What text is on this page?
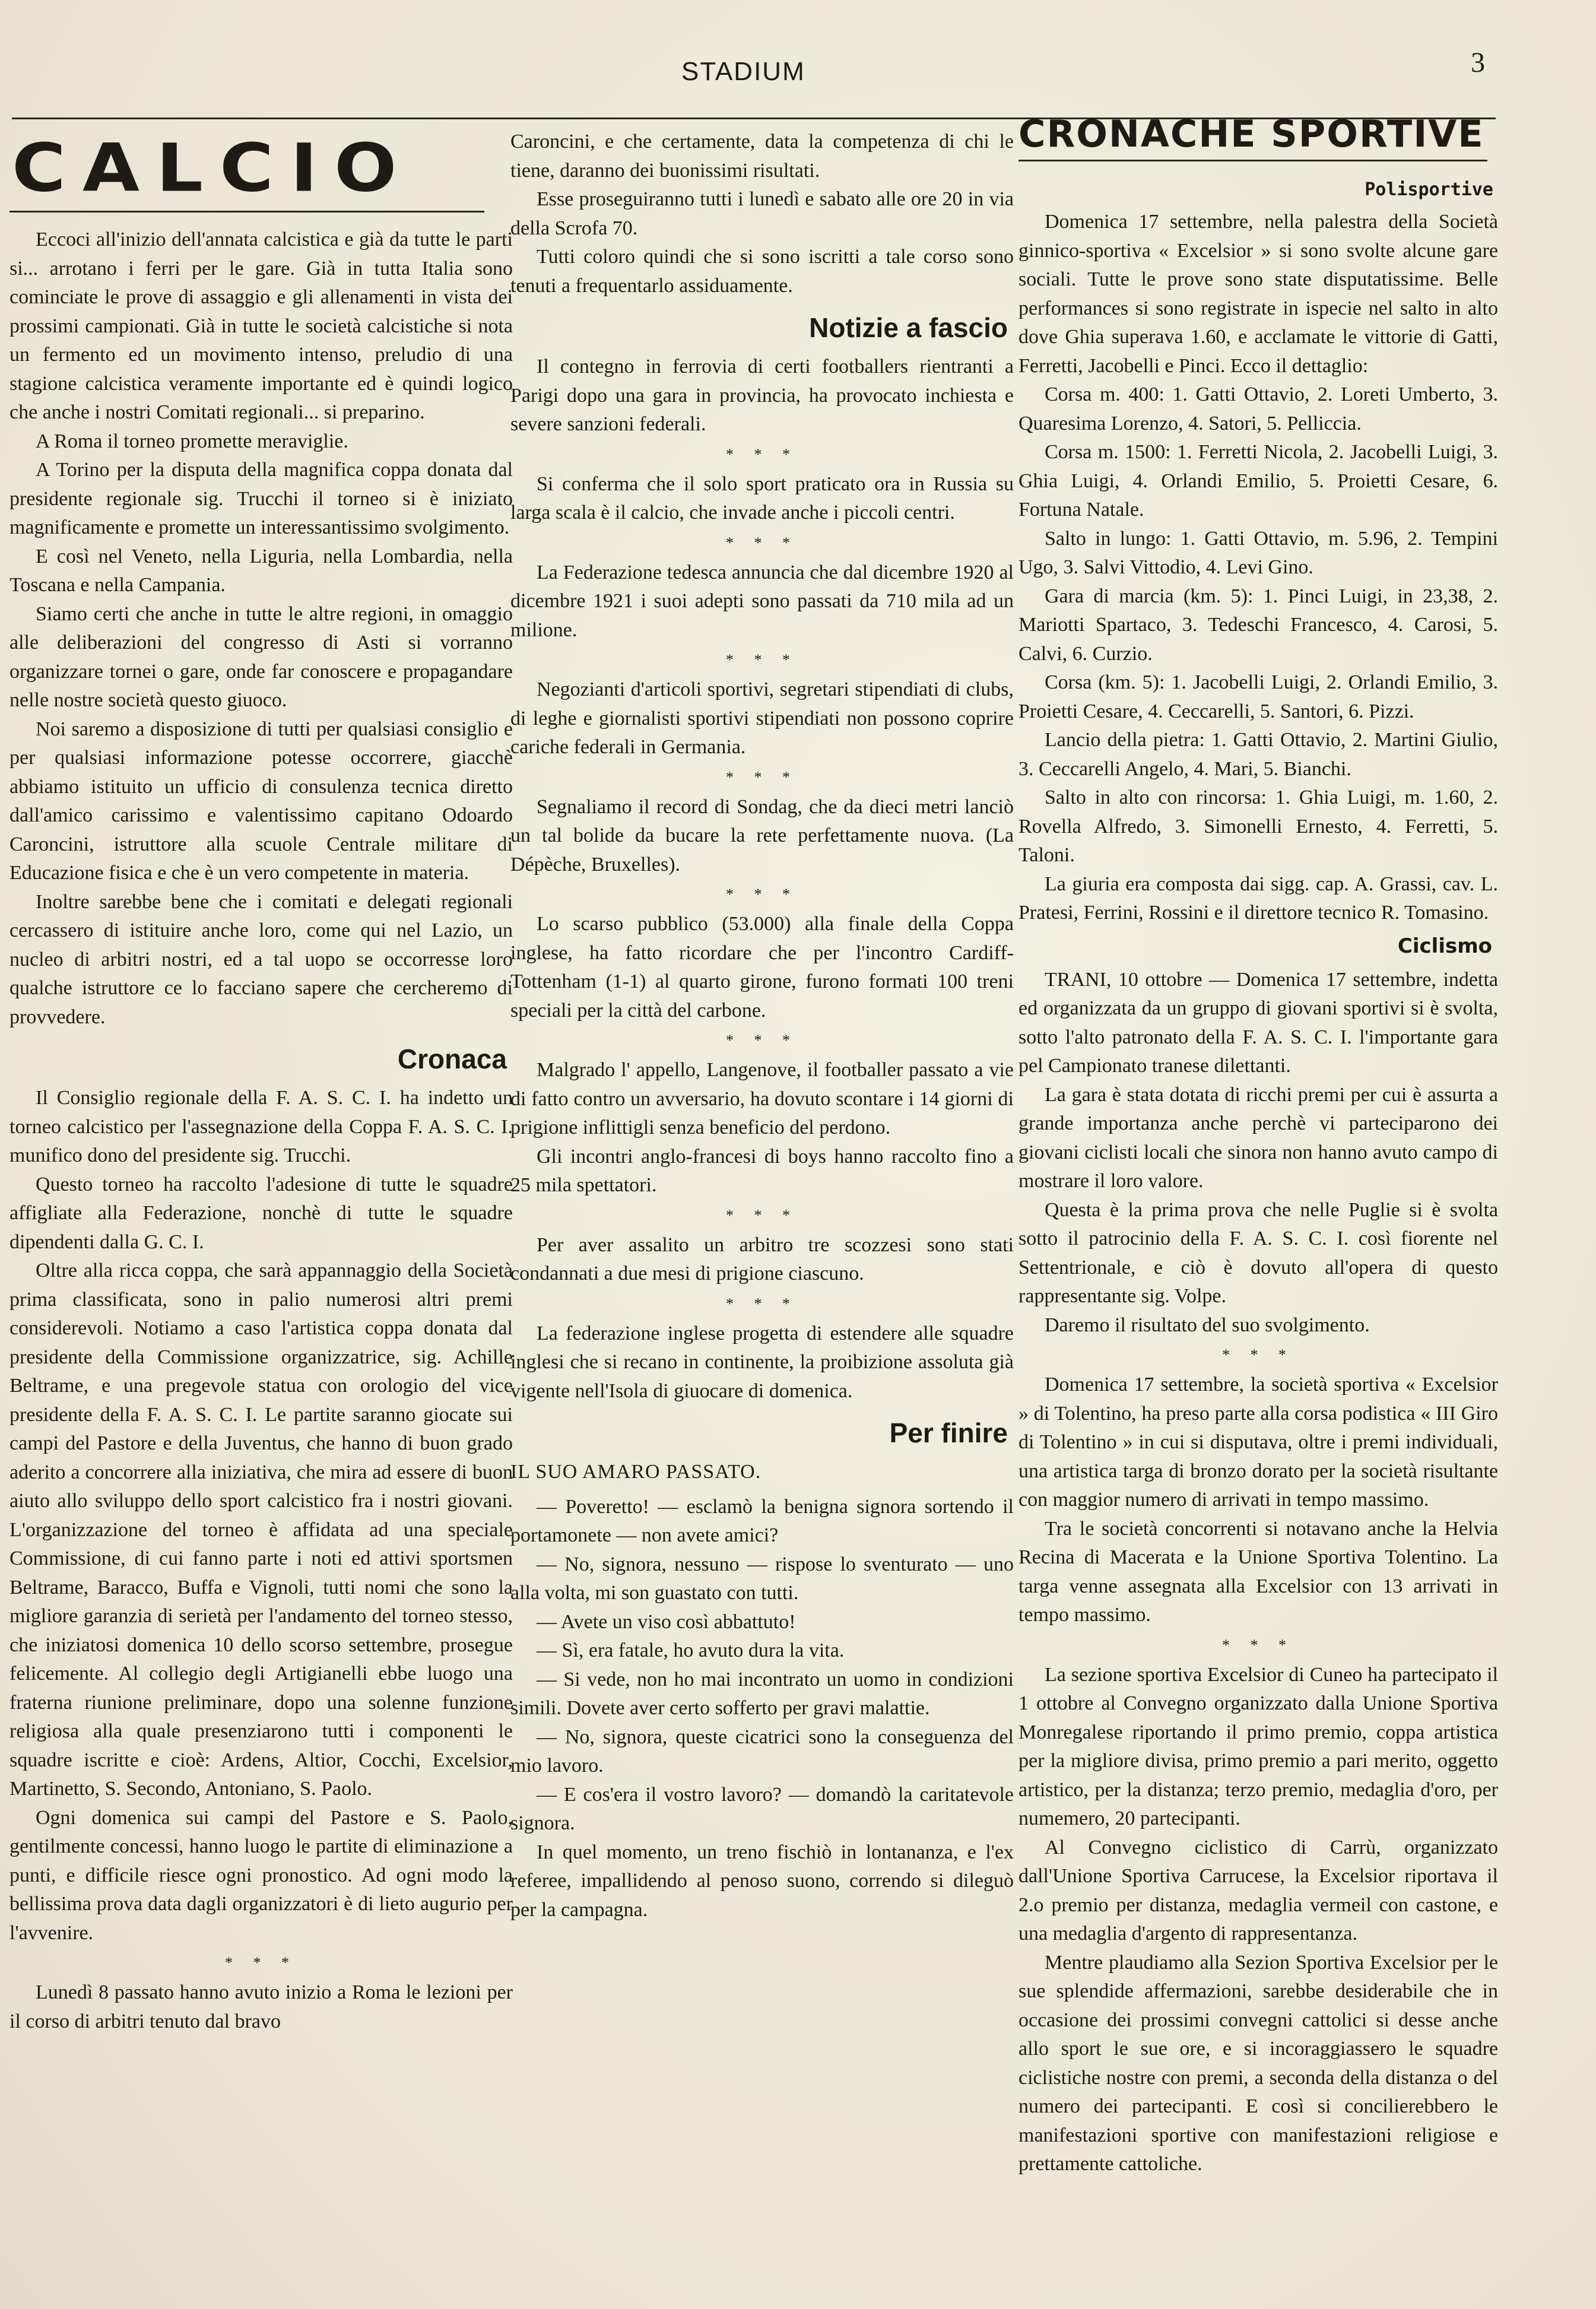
STADIUM	3
CALCIO

Eccoci all'inizio dell'annata calcistica e già da tutte le parti si... arrotano i ferri per le gare. Già in tutta Italia sono cominciate le prove di assaggio e gli allenamenti in vista dei prossimi campionati. Già in tutte le società calcistiche si nota un fermento ed un movimento intenso, preludio di una stagione calcistica veramente importante ed è quindi logico che anche i nostri Comitati regionali... si preparino.

A Roma il torneo promette meraviglie.

A Torino per la disputa della magnifica coppa donata dal presidente regionale sig. Trucchi il torneo si è iniziato magnificamente e promette un interessantissimo svolgimento.

E così nel Veneto, nella Liguria, nella Lombardia, nella Toscana e nella Campania.

Siamo certi che anche in tutte le altre regioni, in omaggio alle deliberazioni del congresso di Asti si vorranno organizzare tornei o gare, onde far conoscere e propagandare nelle nostre società questo giuoco.

Noi saremo a disposizione di tutti per qualsiasi consiglio e per qualsiasi informazione potesse occorrere, giacchè abbiamo istituito un ufficio di consulenza tecnica diretto dall'amico carissimo e valentissimo capitano Odoardo Caroncini, istruttore alla scuole Centrale militare di Educazione fisica e che è un vero competente in materia.

Inoltre sarebbe bene che i comitati e delegati regionali cercassero di istituire anche loro, come qui nel Lazio, un nucleo di arbitri nostri, ed a tal uopo se occorresse loro qualche istruttore ce lo facciano sapere che cercheremo di provvedere.

Cronaca

Il Consiglio regionale della F. A. S. C. I. ha indetto un torneo calcistico per l'assegnazione della Coppa F. A. S. C. I. munifico dono del presidente sig. Trucchi.

Questo torneo ha raccolto l'adesione di tutte le squadre affigliate alla Federazione, nonchè di tutte le squadre dipendenti dalla G. C. I.

Oltre alla ricca coppa, che sarà appannaggio della Società prima classificata, sono in palio numerosi altri premi considerevoli. Notiamo a caso l'artistica coppa donata dal presidente della Commissione organizzatrice, sig. Achille Beltrame, e una pregevole statua con orologio del vice presidente della F. A. S. C. I. Le partite saranno giocate sui campi del Pastore e della Juventus, che hanno di buon grado aderito a concorrere alla iniziativa, che mira ad essere di buon aiuto allo sviluppo dello sport calcistico fra i nostri giovani. L'organizzazione del torneo è affidata ad una speciale Commissione, di cui fanno parte i noti ed attivi sportsmen Beltrame, Baracco, Buffa e Vignoli, tutti nomi che sono la migliore garanzia di serietà per l'andamento del torneo stesso, che iniziatosi domenica 10 dello scorso settembre, prosegue felicemente. Al collegio degli Artigianelli ebbe luogo una fraterna riunione preliminare, dopo una solenne funzione religiosa alla quale presenziarono tutti i componenti le squadre iscritte e cioè: Ardens, Altior, Cocchi, Excelsior, Martinetto, S. Secondo, Antoniano, S. Paolo.

Ogni domenica sui campi del Pastore e S. Paolo, gentilmente concessi, hanno luogo le partite di eliminazione a punti, e difficile riesce ogni pronostico. Ad ogni modo la bellissima prova data dagli organizzatori è di lieto augurio per l'avvenire.

* * *

Lunedì 8 passato hanno avuto inizio a Roma le lezioni per il corso di arbitri tenuto dal bravo

Caroncini, e che certamente, data la competenza di chi le tiene, daranno dei buonissimi risultati.

Esse proseguiranno tutti i lunedì e sabato alle ore 20 in via della Scrofa 70.

Tutti coloro quindi che si sono iscritti a tale corso sono tenuti a frequentarlo assiduamente.

Notizie a fascio

Il contegno in ferrovia di certi footballers rientranti a Parigi dopo una gara in provincia, ha provocato inchiesta e severe sanzioni federali.

* * *

Si conferma che il solo sport praticato ora in Russia su larga scala è il calcio, che invade anche i piccoli centri.

* * *

La Federazione tedesca annuncia che dal dicembre 1920 al dicembre 1921 i suoi adepti sono passati da 710 mila ad un milione.

* * *

Negozianti d'articoli sportivi, segretari stipendiati di clubs, di leghe e giornalisti sportivi stipendiati non possono coprire cariche federali in Germania.

* * *

Segnaliamo il record di Sondag, che da dieci metri lanciò un tal bolide da bucare la rete perfettamente nuova. (La Dépèche, Bruxelles).

* * *

Lo scarso pubblico (53.000) alla finale della Coppa inglese, ha fatto ricordare che per l'incontro Cardiff-Tottenham (1-1) al quarto girone, furono formati 100 treni speciali per la città del carbone.

* * *

Malgrado l' appello, Langenove, il footballer passato a vie di fatto contro un avversario, ha dovuto scontare i 14 giorni di prigione inflittigli senza beneficio del perdono.

Gli incontri anglo-francesi di boys hanno raccolto fino a 25 mila spettatori.

* * *

Per aver assalito un arbitro tre scozzesi sono stati condannati a due mesi di prigione ciascuno.

* * *

La federazione inglese progetta di estendere alle squadre inglesi che si recano in continente, la proibizione assoluta già vigente nell'Isola di giuocare di domenica.

Per finire

IL SUO AMARO PASSATO.

— Poveretto! — esclamò la benigna signora sortendo il portamonete — non avete amici?

— No, signora, nessuno — rispose lo sventurato — uno alla volta, mi son guastato con tutti.

— Avete un viso così abbattuto!

— Sì, era fatale, ho avuto dura la vita.

— Si vede, non ho mai incontrato un uomo in condizioni simili. Dovete aver certo sofferto per gravi malattie.

— No, signora, queste cicatrici sono la conseguenza del mio lavoro.

— E cos'era il vostro lavoro? — domandò la caritatevole signora.

In quel momento, un treno fischiò in lontananza, e l'ex referee, impallidendo al penoso suono, correndo si dileguò per la campagna.

CRONACHE SPORTIVE
Polisportive

Domenica 17 settembre, nella palestra della Società ginnico-sportiva « Excelsior » si sono svolte alcune gare sociali. Tutte le prove sono state disputatissime. Belle performances si sono registrate in ispecie nel salto in alto dove Ghia superava 1.60, e acclamate le vittorie di Gatti, Ferretti, Jacobelli e Pinci. Ecco il dettaglio:

Corsa m. 400: 1. Gatti Ottavio, 2. Loreti Umberto, 3. Quaresima Lorenzo, 4. Satori, 5. Pelliccia.

Corsa m. 1500: 1. Ferretti Nicola, 2. Jacobelli Luigi, 3. Ghia Luigi, 4. Orlandi Emilio, 5. Proietti Cesare, 6. Fortuna Natale.

Salto in lungo: 1. Gatti Ottavio, m. 5.96, 2. Tempini Ugo, 3. Salvi Vittodio, 4. Levi Gino.

Gara di marcia (km. 5): 1. Pinci Luigi, in 23,38, 2. Mariotti Spartaco, 3. Tedeschi Francesco, 4. Carosi, 5. Calvi, 6. Curzio.

Corsa (km. 5): 1. Jacobelli Luigi, 2. Orlandi Emilio, 3. Proietti Cesare, 4. Ceccarelli, 5. Santori, 6. Pizzi.

Lancio della pietra: 1. Gatti Ottavio, 2. Martini Giulio, 3. Ceccarelli Angelo, 4. Mari, 5. Bianchi.

Salto in alto con rincorsa: 1. Ghia Luigi, m. 1.60, 2. Rovella Alfredo, 3. Simonelli Ernesto, 4. Ferretti, 5. Taloni.

La giuria era composta dai sigg. cap. A. Grassi, cav. L. Pratesi, Ferrini, Rossini e il direttore tecnico R. Tomasino.

Ciclismo

TRANI, 10 ottobre — Domenica 17 settembre, indetta ed organizzata da un gruppo di giovani sportivi si è svolta, sotto l'alto patronato della F. A. S. C. I. l'importante gara pel Campionato tranese dilettanti.

La gara è stata dotata di ricchi premi per cui è assurta a grande importanza anche perchè vi parteciparono dei giovani ciclisti locali che sinora non hanno avuto campo di mostrare il loro valore.

Questa è la prima prova che nelle Puglie si è svolta sotto il patrocinio della F. A. S. C. I. così fiorente nel Settentrionale, e ciò è dovuto all'opera di questo rappresentante sig. Volpe.

Daremo il risultato del suo svolgimento.

* * *

Domenica 17 settembre, la società sportiva « Excelsior » di Tolentino, ha preso parte alla corsa podistica « III Giro di Tolentino » in cui si disputava, oltre i premi individuali, una artistica targa di bronzo dorato per la società risultante con maggior numero di arrivati in tempo massimo.

Tra le società concorrenti si notavano anche la Helvia Recina di Macerata e la Unione Sportiva Tolentino. La targa venne assegnata alla Excelsior con 13 arrivati in tempo massimo.

* * *

La sezione sportiva Excelsior di Cuneo ha partecipato il 1 ottobre al Convegno organizzato dalla Unione Sportiva Monregalese riportando il primo premio, coppa artistica per la migliore divisa, primo premio a pari merito, oggetto artistico, per la distanza; terzo premio, medaglia d'oro, per numemero, 20 partecipanti.

Al Convegno ciclistico di Carrù, organizzato dall'Unione Sportiva Carrucese, la Excelsior riportava il 2.o premio per distanza, medaglia vermeil con castone, e una medaglia d'argento di rappresentanza.

Mentre plaudiamo alla Sezion Sportiva Excelsior per le sue splendide affermazioni, sarebbe desiderabile che in occasione dei prossimi convegni cattolici si desse anche allo sport le sue ore, e si incoraggiassero le squadre ciclistiche nostre con premi, a seconda della distanza o del numero dei partecipanti. E così si concilierebbero le manifestazioni sportive con manifestazioni religiose e prettamente cattoliche.
